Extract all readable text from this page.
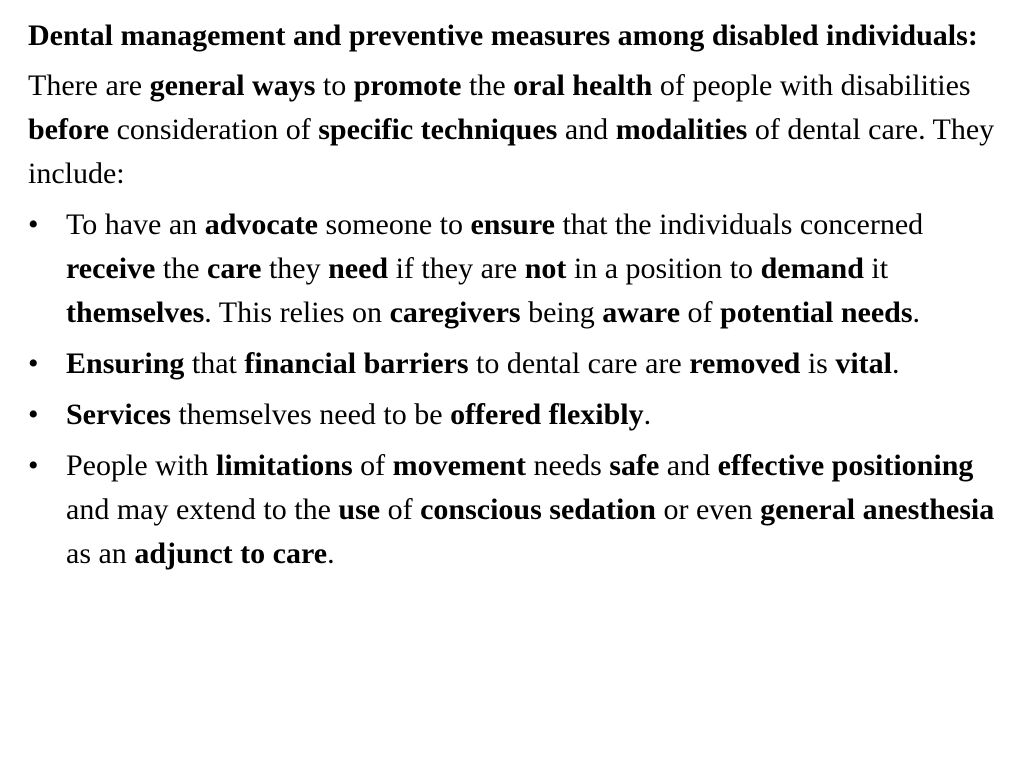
Dental management and preventive measures among disabled individuals:
There are general ways to promote the oral health of people with disabilities before consideration of specific techniques and modalities of dental care. They include:
• To have an advocate someone to ensure that the individuals concerned receive the care they need if they are not in a position to demand it themselves. This relies on caregivers being aware of potential needs.
• Ensuring that financial barriers to dental care are removed is vital.
• Services themselves need to be offered flexibly.
• People with limitations of movement needs safe and effective positioning and may extend to the use of conscious sedation or even general anesthesia as an adjunct to care.
